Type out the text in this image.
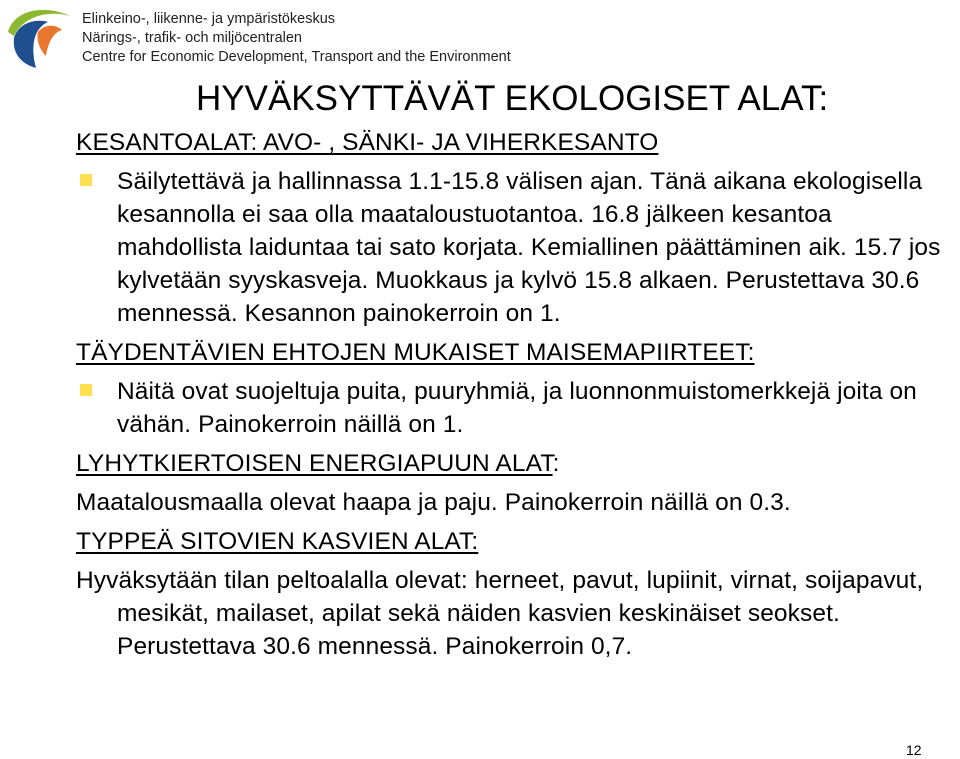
Elinkeino-, liikenne- ja ympäristökeskus
Närings-, trafik- och miljöcentralen
Centre for Economic Development, Transport and the Environment
HYVÄKSYTTÄVÄT EKOLOGISET ALAT:
KESANTOALAT: AVO- , SÄNKI- JA VIHERKESANTO
Säilytettävä ja hallinnassa 1.1-15.8 välisen ajan. Tänä aikana ekologisella kesannolla ei saa olla maataloustuotantoa. 16.8 jälkeen kesantoa mahdollista laiduntaa tai sato korjata. Kemiallinen päättäminen aik. 15.7 jos kylvetään syyskasveja. Muokkaus ja kylvö 15.8 alkaen. Perustettava 30.6 mennessä. Kesannon painokerroin on 1.
TÄYDENTÄVIEN EHTOJEN MUKAISET MAISEMAPIIRTEET:
Näitä ovat suojeltuja puita, puuryhmiä, ja luonnonmuistomerkkejä joita on vähän. Painokerroin näillä on 1.
LYHYTKIERTOISEN ENERGIAPUUN ALAT:
Maatalousmaalla olevat haapa ja paju. Painokerroin näillä on 0.3.
TYPPEÄ SITOVIEN KASVIEN ALAT:
Hyväksytään tilan peltoalalla olevat: herneet, pavut, lupiinit, virnat, soijapavut, mesikät, mailaset, apilat sekä näiden kasvien keskinäiset seokset. Perustettava 30.6 mennessä. Painokerroin 0,7.
12
